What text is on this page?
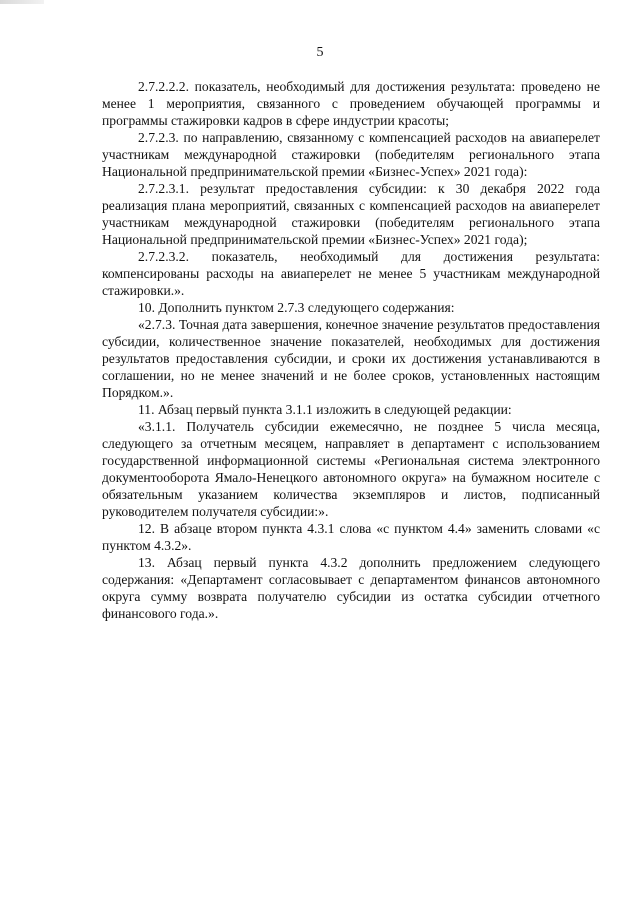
5

2.7.2.2.2. показатель, необходимый для достижения результата: проведено не менее 1 мероприятия, связанного с проведением обучающей программы и программы стажировки кадров в сфере индустрии красоты;

2.7.2.3. по направлению, связанному с компенсацией расходов на авиаперелет участникам международной стажировки (победителям регионального этапа Национальной предпринимательской премии «Бизнес-Успех» 2021 года):

2.7.2.3.1. результат предоставления субсидии: к 30 декабря 2022 года реализация плана мероприятий, связанных с компенсацией расходов на авиаперелет участникам международной стажировки (победителям регионального этапа Национальной предпринимательской премии «Бизнес-Успех» 2021 года);

2.7.2.3.2. показатель, необходимый для достижения результата: компенсированы расходы на авиаперелет не менее 5 участникам международной стажировки.».

10. Дополнить пунктом 2.7.3 следующего содержания:

«2.7.3. Точная дата завершения, конечное значение результатов предоставления субсидии, количественное значение показателей, необходимых для достижения результатов предоставления субсидии, и сроки их достижения устанавливаются в соглашении, но не менее значений и не более сроков, установленных настоящим Порядком.».

11. Абзац первый пункта 3.1.1 изложить в следующей редакции:

«3.1.1. Получатель субсидии ежемесячно, не позднее 5 числа месяца, следующего за отчетным месяцем, направляет в департамент с использованием государственной информационной системы «Региональная система электронного документооборота Ямало-Ненецкого автономного округа» на бумажном носителе с обязательным указанием количества экземпляров и листов, подписанный руководителем получателя субсидии:».

12. В абзаце втором пункта 4.3.1 слова «с пунктом 4.4» заменить словами «с пунктом 4.3.2».

13. Абзац первый пункта 4.3.2 дополнить предложением следующего содержания: «Департамент согласовывает с департаментом финансов автономного округа сумму возврата получателю субсидии из остатка субсидии отчетного финансового года.».
